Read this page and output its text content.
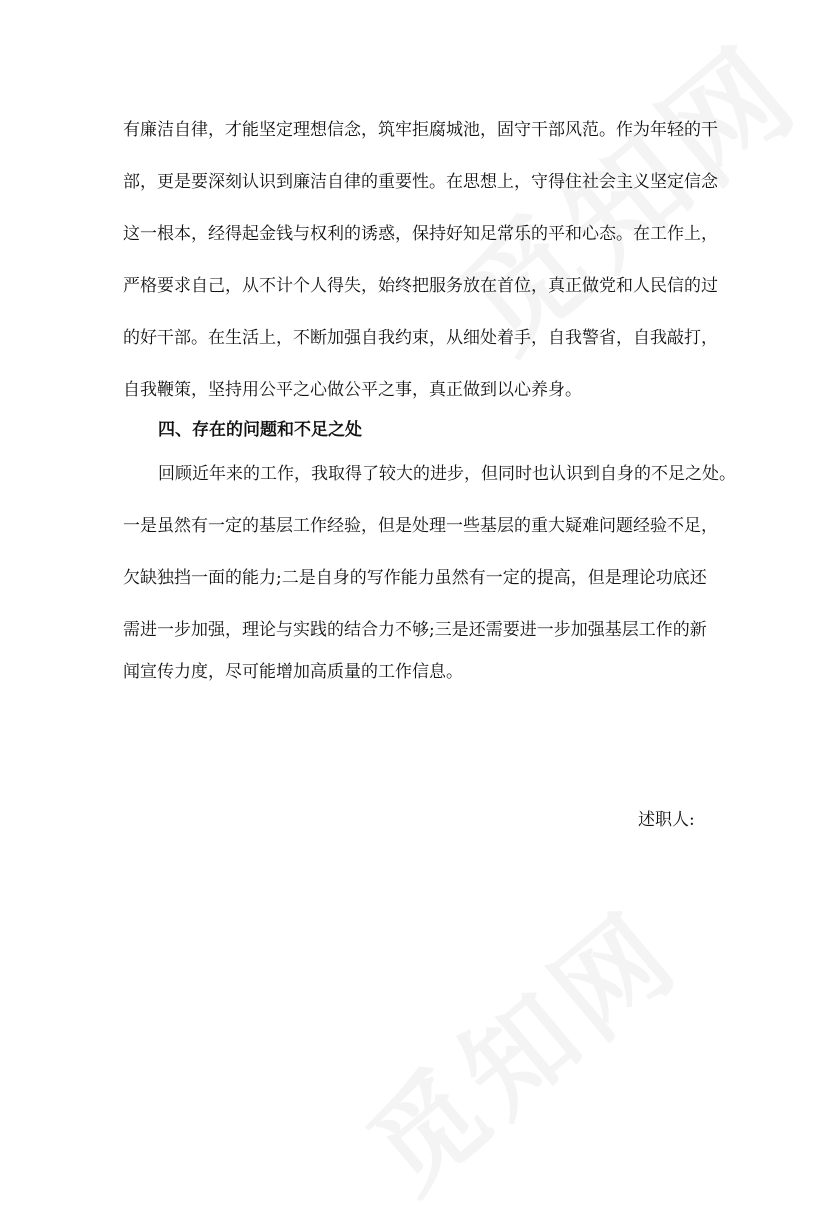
有廉洁自律，才能坚定理想信念，筑牢拒腐城池，固守干部风范。作为年轻的干
部，更是要深刻认识到廉洁自律的重要性。在思想上，守得住社会主义坚定信念
这一根本，经得起金钱与权利的诱惑，保持好知足常乐的平和心态。在工作上，
严格要求自己，从不计个人得失，始终把服务放在首位，真正做党和人民信的过
的好干部。在生活上，不断加强自我约束，从细处着手，自我警省，自我敲打，
自我鞭策，坚持用公平之心做公平之事，真正做到以心养身。
四、存在的问题和不足之处
回顾近年来的工作，我取得了较大的进步，但同时也认识到自身的不足之处。
一是虽然有一定的基层工作经验，但是处理一些基层的重大疑难问题经验不足，
欠缺独挡一面的能力;二是自身的写作能力虽然有一定的提高，但是理论功底还
需进一步加强，理论与实践的结合力不够;三是还需要进一步加强基层工作的新
闻宣传力度，尽可能增加高质量的工作信息。
述职人:
